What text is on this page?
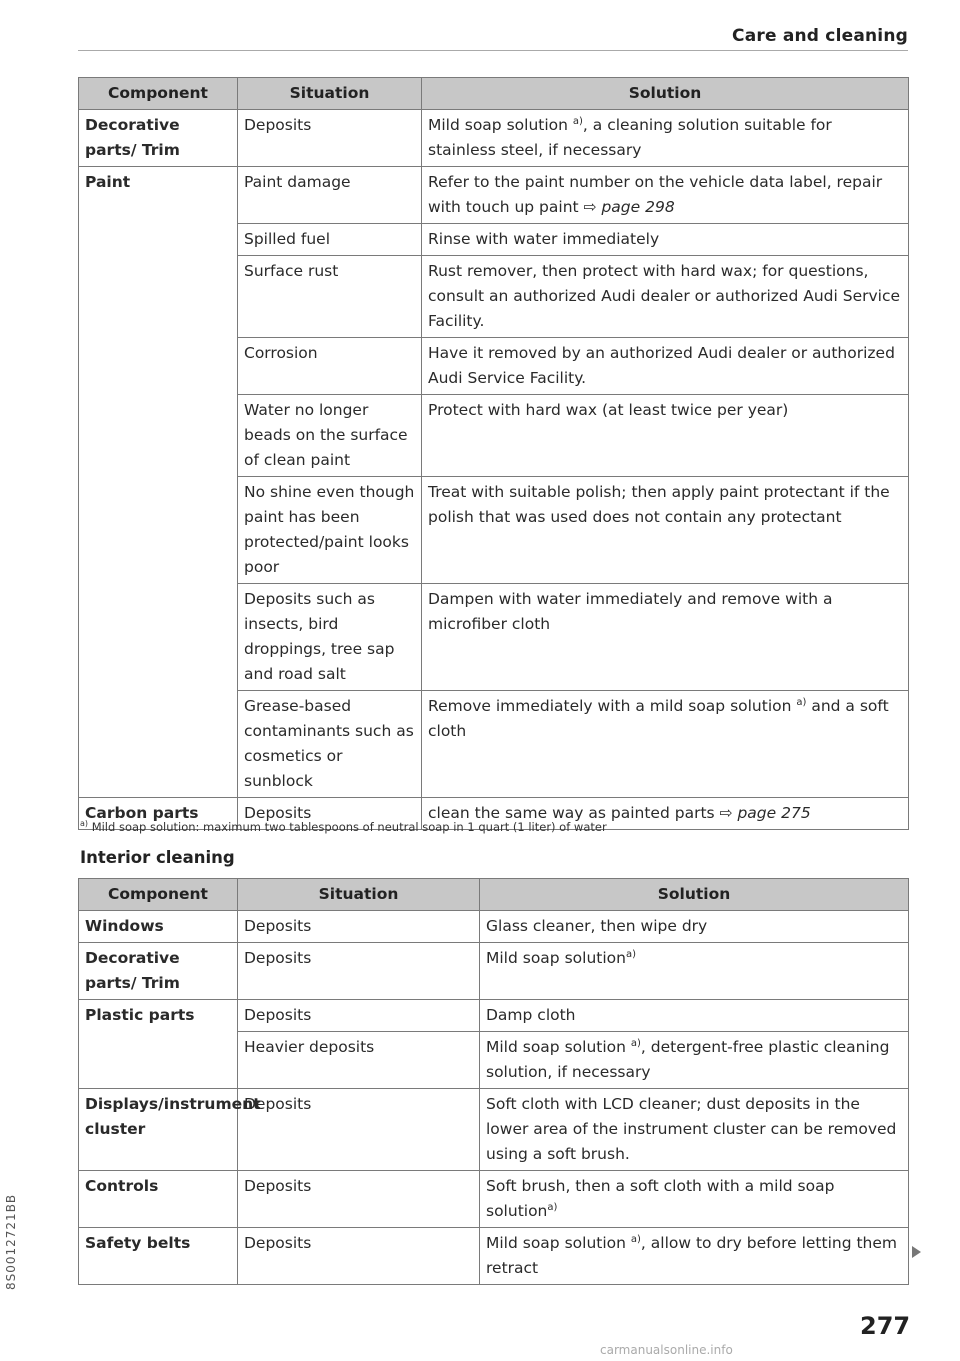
Care and cleaning
Component	Situation	Solution
Decorative parts/ Trim	Deposits	Mild soap solution $^{a)}$, a cleaning solution suitable for stainless steel, if necessary
Paint	Paint damage	Refer to the paint number on the vehicle data label, repair with touch up paint ⇨ page 298
	Spilled fuel	Rinse with water immediately
	Surface rust	Rust remover, then protect with hard wax; for questions, consult an authorized Audi dealer or authorized Audi Service Facility.
	Corrosion	Have it removed by an authorized Audi dealer or authorized Audi Service Facility.
	Water no longer beads on the surface of clean paint	Protect with hard wax (at least twice per year)
	No shine even though paint has been protected/paint looks poor	Treat with suitable polish; then apply paint protectant if the polish that was used does not contain any protectant
	Deposits such as insects, bird droppings, tree sap and road salt	Dampen with water immediately and remove with a microfiber cloth
	Grease-based contaminants such as cosmetics or sunblock	Remove immediately with a mild soap solution $^{a)}$ and a soft cloth
Carbon parts	Deposits	clean the same way as painted parts ⇨ page 275
$^{a)}$ Mild soap solution: maximum two tablespoons of neutral soap in 1 quart (1 liter) of water
Interior cleaning
Component	Situation	Solution
Windows	Deposits	Glass cleaner, then wipe dry
Decorative parts/ Trim	Deposits	Mild soap solution$^{a)}$
Plastic parts	Deposits	Damp cloth
	Heavier deposits	Mild soap solution $^{a)}$, detergent-free plastic cleaning solution, if necessary
Displays/instrument cluster	Deposits	Soft cloth with LCD cleaner; dust deposits in the lower area of the instrument cluster can be removed using a soft brush.
Controls	Deposits	Soft brush, then a soft cloth with a mild soap solution$^{a)}$
Safety belts	Deposits	Mild soap solution $^{a)}$, allow to dry before letting them retract
277
8S0012721BB
carmanualsonline.info
